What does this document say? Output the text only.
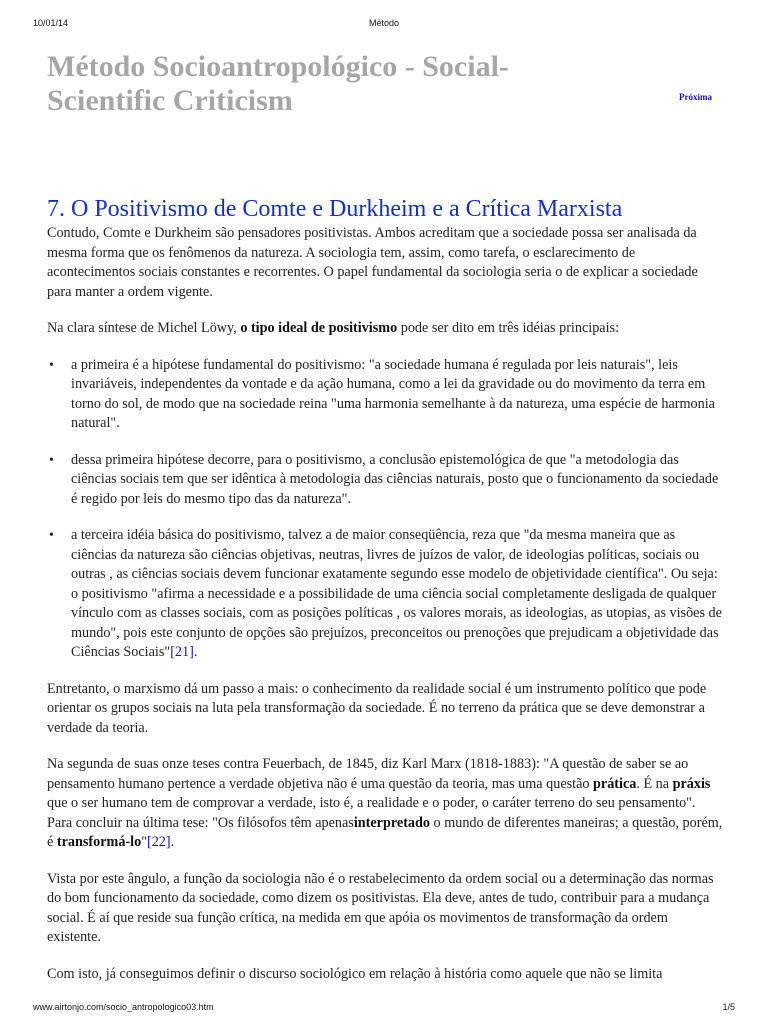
10/01/14	Método
Método Socioantropológico - Social-Scientific Criticism	Próxima
7. O Positivismo de Comte e Durkheim e a Crítica Marxista

Contudo, Comte e Durkheim são pensadores positivistas. Ambos acreditam que a sociedade possa ser analisada da mesma forma que os fenômenos da natureza. A sociologia tem, assim, como tarefa, o esclarecimento de acontecimentos sociais constantes e recorrentes. O papel fundamental da sociologia seria o de explicar a sociedade para manter a ordem vigente.

Na clara síntese de Michel Löwy, o tipo ideal de positivismo pode ser dito em três idéias principais:

• a primeira é a hipótese fundamental do positivismo: "a sociedade humana é regulada por leis naturais", leis invariáveis, independentes da vontade e da ação humana, como a lei da gravidade ou do movimento da terra em torno do sol, de modo que na sociedade reina "uma harmonia semelhante à da natureza, uma espécie de harmonia natural".
• dessa primeira hipótese decorre, para o positivismo, a conclusão epistemológica de que "a metodologia das ciências sociais tem que ser idêntica à metodologia das ciências naturais, posto que o funcionamento da sociedade é regido por leis do mesmo tipo das da natureza".
• a terceira idéia básica do positivismo, talvez a de maior conseqüência, reza que "da mesma maneira que as ciências da natureza são ciências objetivas, neutras, livres de juízos de valor, de ideologias políticas, sociais ou outras , as ciências sociais devem funcionar exatamente segundo esse modelo de objetividade científica". Ou seja: o positivismo "afirma a necessidade e a possibilidade de uma ciência social completamente desligada de qualquer vínculo com as classes sociais, com as posições políticas , os valores morais, as ideologias, as utopias, as visões de mundo", pois este conjunto de opções são prejuízos, preconceitos ou prenoções que prejudicam a objetividade das Ciências Sociais"[21].

Entretanto, o marxismo dá um passo a mais: o conhecimento da realidade social é um instrumento político que pode orientar os grupos sociais na luta pela transformação da sociedade. É no terreno da prática que se deve demonstrar a verdade da teoria.

Na segunda de suas onze teses contra Feuerbach, de 1845, diz Karl Marx (1818-1883): "A questão de saber se ao pensamento humano pertence a verdade objetiva não é uma questão da teoria, mas uma questão prática. É na práxis que o ser humano tem de comprovar a verdade, isto é, a realidade e o poder, o caráter terreno do seu pensamento". Para concluir na última tese: "Os filósofos têm apenasinterpretado o mundo de diferentes maneiras; a questão, porém, é transformá-lo"[22].

Vista por este ângulo, a função da sociologia não é o restabelecimento da ordem social ou a determinação das normas do bom funcionamento da sociedade, como dizem os positivistas. Ela deve, antes de tudo, contribuir para a mudança social. É aí que reside sua função crítica, na medida em que apóia os movimentos de transformação da ordem existente.

Com isto, já conseguimos definir o discurso sociológico em relação à história como aquele que não se limita

www.airtonjo.com/socio_antropologico03.htm	1/5
